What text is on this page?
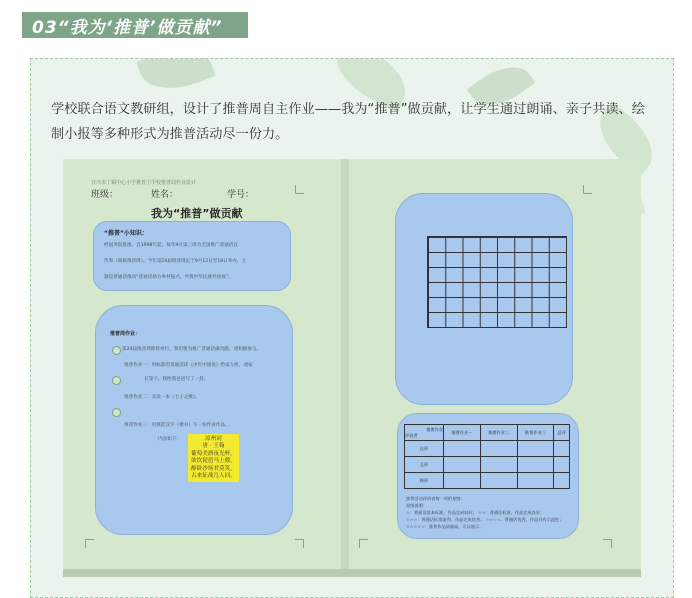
03“我为‘推普’做贡献”
学校联合语文教研组，设计了推普周自主作业——我为“推普”做贡献，让学生通过朗诵、亲子共读、绘制小报等多种形式为推普活动尽一份力。
宜兴市丁蜀中心小学推普主学校推普周作业设计
班级：	姓名：	学号：
我为“推普”做贡献
“推普”小知识：
经国务院批准，自1998年起，每年9月第三周为全国推广普通话宣
传周（简称推普周）。今年第24届推普周定于9月12日至18日举办，主
题是普通话推动“普通话助力乡村振兴、共筑中华民族共同体”。
推普周作业：
第24届推普周即将举行，我们要为推广普通话做贡献，请积极参与。
推普作业一：用标准的普通话读《少年中国说》给家人听，请家
长签字。我给我爸爸写了一封。
推普作业二：亲读一本《七子之歌》。
推普作业三：用规范汉字（楷书）写一份作业作品。
内容如下：	凉州词
唐 · 王翰
葡萄美酒夜光杯，
欲饮琵琶马上催。
醉卧沙场君莫笑，
古来征战几人回。
推普作业
评价者	推普作业一	推普作业二	推普作业三	总评
自评				
互评				
师评				
推普活动评价表每一项的星级：
星级说明：
☆：普通话基本标准，作品完成较好； ☆☆：普通话标准，作品完成良好；
☆☆☆：普通话标准流利，作品完成优秀； ☆☆☆☆：普通话优秀，作品具有示范性；
☆☆☆☆☆：推普作品质量高，可以展示。
